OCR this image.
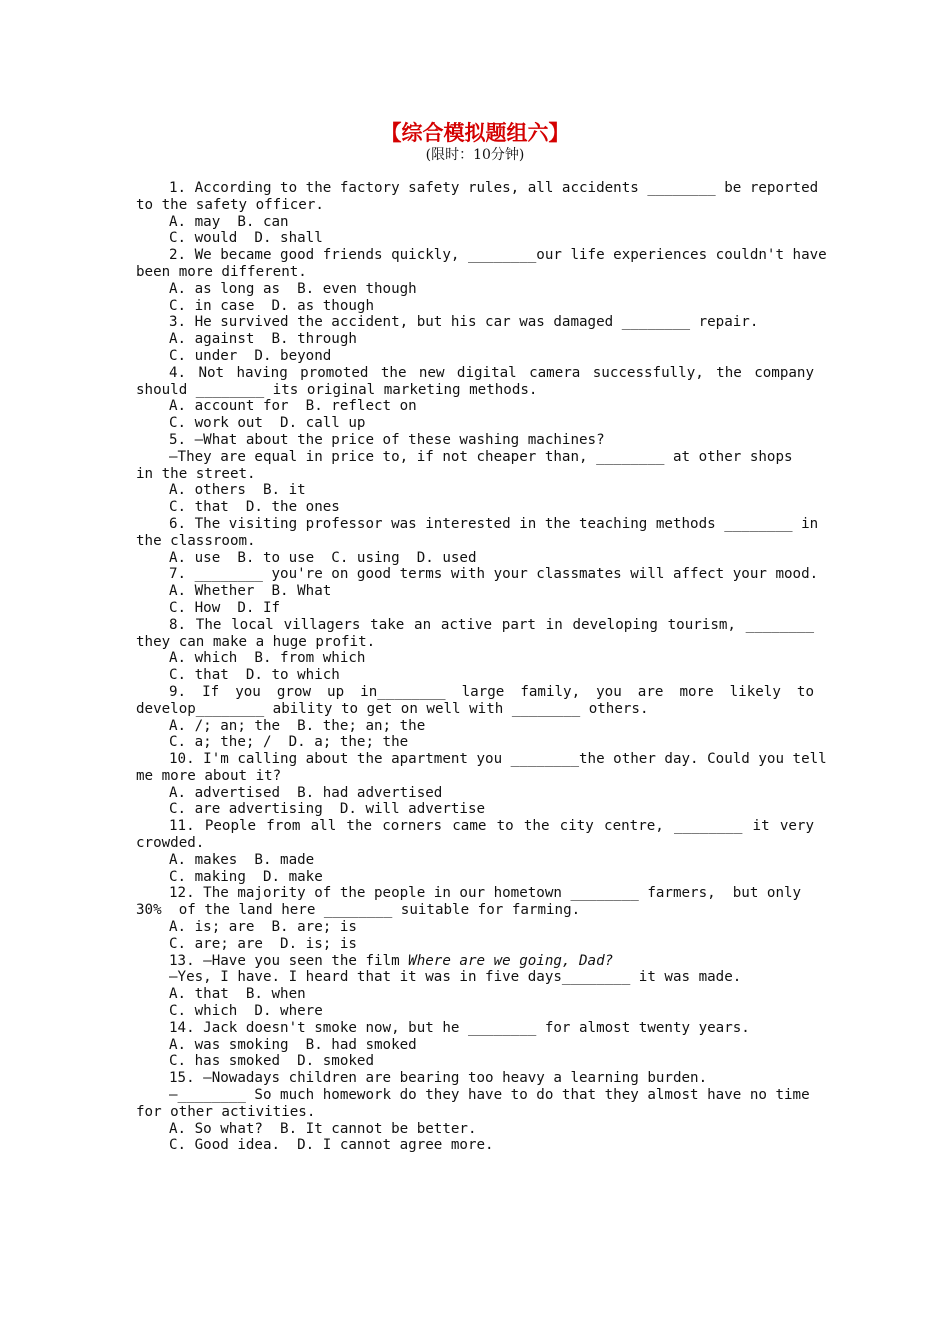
【综合模拟题组六】
(限时：10分钟)
1. According to the factory safety rules, all accidents ________ be reported
to the safety officer.
A. may  B. can
C. would  D. shall
2. We became good friends quickly, ________our life experiences couldn't have
been more different.
A. as long as  B. even though
C. in case  D. as though
3. He survived the accident, but his car was damaged ________ repair.
A. against  B. through
C. under  D. beyond
4. Not having promoted the new digital camera successfully, the company
should ________ its original marketing methods.
A. account for  B. reflect on
C. work out  D. call up
5. —What about the price of these washing machines?
—They are equal in price to, if not cheaper than, ________ at other shops
in the street.
A. others  B. it
C. that  D. the ones
6. The visiting professor was interested in the teaching methods ________ in
the classroom.
A. use  B. to use  C. using  D. used
7. ________ you're on good terms with your classmates will affect your mood.
A. Whether  B. What
C. How  D. If
8. The local villagers take an active part in developing tourism, ________
they can make a huge profit.
A. which  B. from which
C. that  D. to which
9. If you grow up in________ large family, you are more likely to
develop________ ability to get on well with ________ others.
A. /; an; the  B. the; an; the
C. a; the; /  D. a; the; the
10. I'm calling about the apartment you ________the other day. Could you tell
me more about it?
A. advertised  B. had advertised
C. are advertising  D. will advertise
11. People from all the corners came to the city centre, ________ it very
crowded.
A. makes  B. made
C. making  D. make
12. The majority of the people in our hometown ________ farmers,  but only
30%  of the land here ________ suitable for farming.
A. is; are  B. are; is
C. are; are  D. is; is
13. —Have you seen the film Where are we going, Dad?
—Yes, I have. I heard that it was in five days________ it was made.
A. that  B. when
C. which  D. where
14. Jack doesn't smoke now, but he ________ for almost twenty years.
A. was smoking  B. had smoked
C. has smoked  D. smoked
15. —Nowadays children are bearing too heavy a learning burden.
—________ So much homework do they have to do that they almost have no time
for other activities.
A. So what?  B. It cannot be better.
C. Good idea.  D. I cannot agree more.
